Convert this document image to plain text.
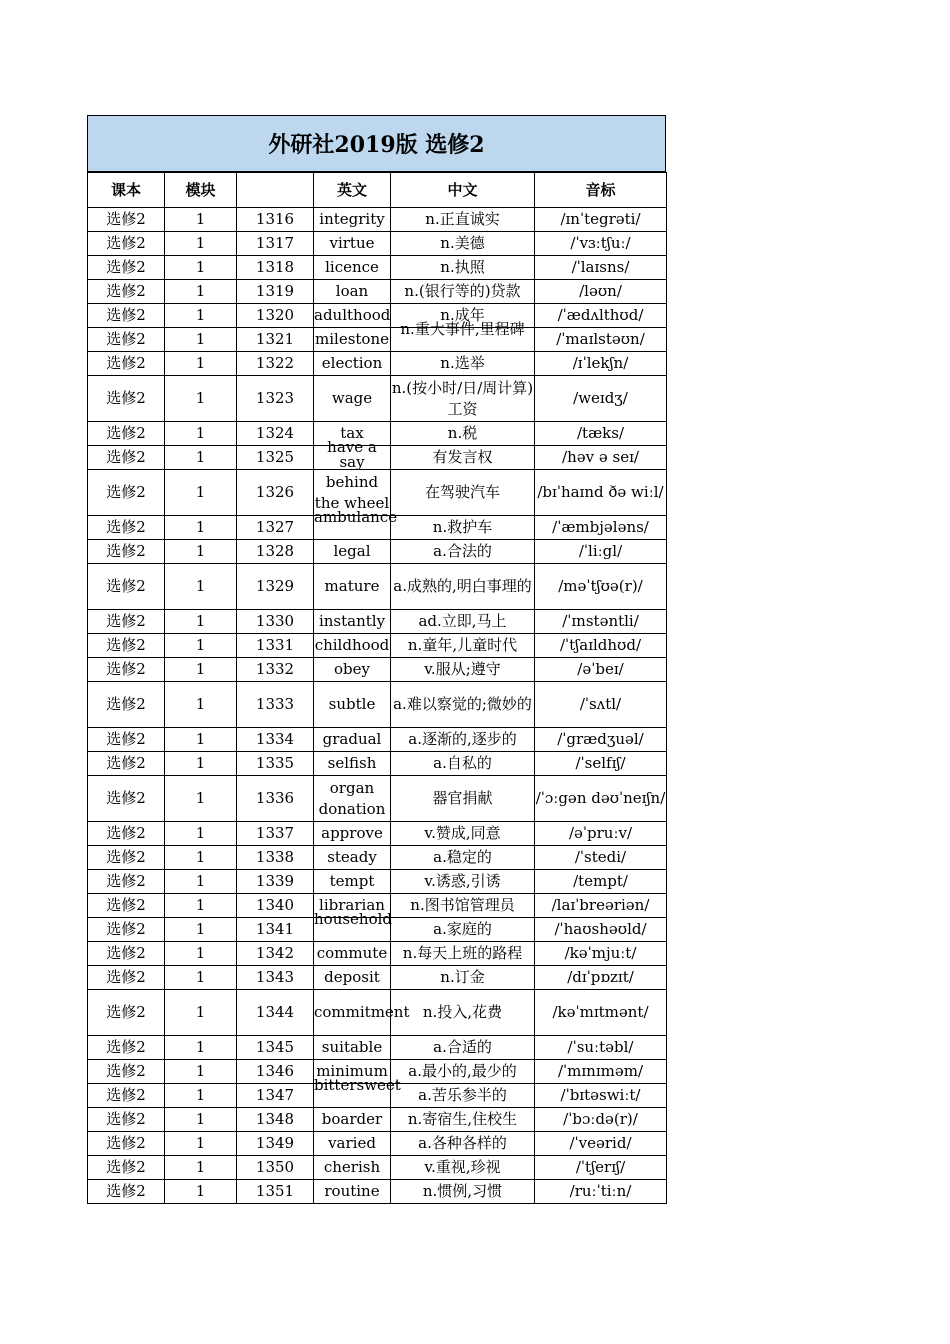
外研社2019版 选修2
课本	模块		英文	中文	音标
选修2	1	1316	integrity	n.正直诚实	/ɪnˈtegrəti/
选修2	1	1317	virtue	n.美德	/ˈvɜːtʃuː/
选修2	1	1318	licence	n.执照	/ˈlaɪsns/
选修2	1	1319	loan	n.(银行等的)贷款	/ləʊn/
选修2	1	1320	adulthood	n.成年	/ˈædʌlthʊd/
选修2	1	1321	milestone	n.重大事件,里程碑	/ˈmaɪlstəʊn/
选修2	1	1322	election	n.选举	/ɪˈlekʃn/
选修2	1	1323	wage	n.(按小时/日/周计算)工资	/weɪdʒ/
选修2	1	1324	tax	n.税	/tæks/
选修2	1	1325	have a say	有发言权	/həv ə seɪ/
选修2	1	1326	behind the wheel	在驾驶汽车	/bɪˈhaɪnd ðə wiːl/
选修2	1	1327	ambulance	n.救护车	/ˈæmbjələns/
选修2	1	1328	legal	a.合法的	/ˈliːgl/
选修2	1	1329	mature	a.成熟的,明白事理的	/məˈtʃʊə(r)/
选修2	1	1330	instantly	ad.立即,马上	/ˈɪnstəntli/
选修2	1	1331	childhood	n.童年,儿童时代	/ˈtʃaɪldhʊd/
选修2	1	1332	obey	v.服从;遵守	/əˈbeɪ/
选修2	1	1333	subtle	a.难以察觉的;微妙的	/ˈsʌtl/
选修2	1	1334	gradual	a.逐渐的,逐步的	/ˈgrædʒuəl/
选修2	1	1335	selfish	a.自私的	/ˈselfɪʃ/
选修2	1	1336	organ donation	器官捐献	/ˈɔːgən dəʊˈneɪʃn/
选修2	1	1337	approve	v.赞成,同意	/əˈpruːv/
选修2	1	1338	steady	a.稳定的	/ˈstedi/
选修2	1	1339	tempt	v.诱惑,引诱	/tempt/
选修2	1	1340	librarian	n.图书馆管理员	/laɪˈbreəriən/
选修2	1	1341	household	a.家庭的	/ˈhaʊshəʊld/
选修2	1	1342	commute	n.每天上班的路程	/kəˈmjuːt/
选修2	1	1343	deposit	n.订金	/dɪˈpɒzɪt/
选修2	1	1344	commitment	n.投入,花费	/kəˈmɪtmənt/
选修2	1	1345	suitable	a.合适的	/ˈsuːtəbl/
选修2	1	1346	minimum	a.最小的,最少的	/ˈmɪnɪməm/
选修2	1	1347	bittersweet	a.苦乐参半的	/ˈbɪtəswiːt/
选修2	1	1348	boarder	n.寄宿生,住校生	/ˈbɔːdə(r)/
选修2	1	1349	varied	a.各种各样的	/ˈveərid/
选修2	1	1350	cherish	v.重视,珍视	/ˈtʃerɪʃ/
选修2	1	1351	routine	n.惯例,习惯	/ruːˈtiːn/
